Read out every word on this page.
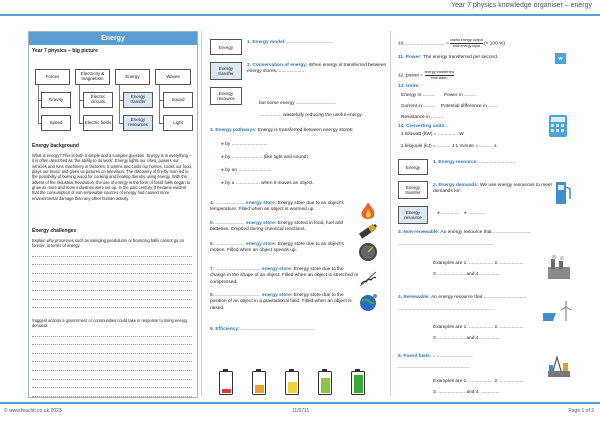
Year 7 physics knowledge organiser – energy
Energy
Year 7 physics – big picture
Forces	Electricity & magnetism	Energy	Waves
Gravity	Electric circuits
Energy transfer	Sound
Speed	Electric fields	Energy resources	Light
Energy background
What is energy? This is both a simple and a complex question. Energy is in everything – it is often described as 'the ability to do work'. Energy lights our cities, powers our vehicles and runs machinery in factories. It warms and cools our homes, cooks our food, plays our music and gives us pictures on television. The discovery of fire by man led to the possibility of burning wood for cooking and heating thereby using energy. With the advent of the Industrial Revolution, the use of energy in the form of fossil fuels began to grow as more and more industries were set up. In the past century, it became evident that the consumption of non-renewable sources of energy had caused more environmental damage than any other human activity.
Energy challenges
Explain why processes such as swinging pendulums or bouncing balls cannot go on forever, in terms of energy.
Suggest actions a government or communities could take in response to rising energy demand.
Energy
Energy transfer
Energy resource
1. Energy model: ..................................
2. Conservation of energy: When energy is transferred between energy stores, ...................
but some energy ..............................
................. wastefully reducing the useful energy.
3. Energy pathways: Energy is transferred between energy stores:
● by ...........................
● by ....................... (like light and sound)
● by an .........................
● by a .................. when it moves an object.
4. ...................... energy store: Energy store due to an object's temperature. Filled when an object is warmed up.
5. ...................... energy store: Energy stored in food, fuel and batteries. Emptied during chemical reactions.
6. ...................... energy store: Energy store due to an object's motion. Filled when an object speeds up.
7. .................................. energy store: Energy store due to the change in the shape of an object. Filled when an object is stretched or compressed.
8. .................................. energy store: Energy store due to the position of an object in a gravitational field. Filled when an object is raised.
9. Efficiency: .......................................................
10. ............................. =
useful energy output
total energy input (× 100 %)
11. Power: The energy transferred per second.	W
12. power =
energy transferred
time taken
13. Units:
Energy in ......... Power in .........
Current in ......... Potential difference in .......
Resistance in .........
14. Converting units:
1 kilowatt (kW) = ............... W
1 kilojoule (kJ) = .......... J 1 minute = .......... s
Energy
Energy transfer
Energy resource
1. Energy resource: ...........................
2. Energy demands: We use energy resources to meet demands for:
● ............. ● .............
3. Non-renewable: An energy resource that ............................
........................................................................
Examples are 1. .................. 2. ..................
3. .................... and 4. ..............
4. Renewable: An energy resource that ................................
........................................................................
Examples are 1. .................. 2. ..................
3. .................... and 4. ..............
5. Fossil fuels: ..............................
......................................................
Examples are 1. .................. 2. ..................
3. .................... and 4. ..............
© www.teachit.co.uk 2023	11/0711	Page 1 of 2
